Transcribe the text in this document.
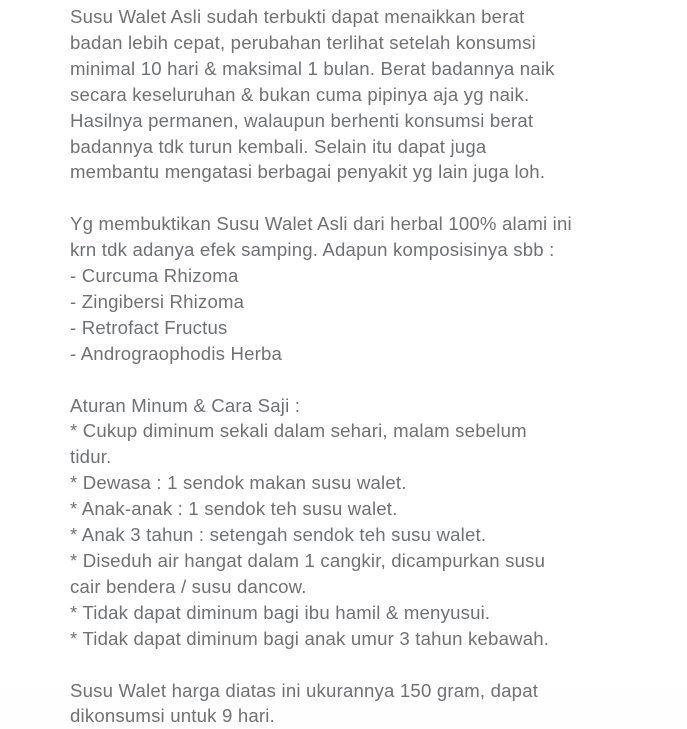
Susu Walet Asli sudah terbukti dapat menaikkan berat

badan lebih cepat, perubahan terlihat setelah konsumsi

minimal 10 hari & maksimal 1 bulan. Berat badannya naik

secara keseluruhan & bukan cuma pipinya aja yg naik.

Hasilnya permanen, walaupun berhenti konsumsi berat

badannya tdk turun kembali. Selain itu dapat juga

membantu mengatasi berbagai penyakit yg lain juga loh.

Yg membuktikan Susu Walet Asli dari herbal 100% alami ini

krn tdk adanya efek samping. Adapun komposisinya sbb :

- Curcuma Rhizoma

- Zingibersi Rhizoma

- Retrofact Fructus

- Andrograophodis Herba

Aturan Minum & Cara Saji :

* Cukup diminum sekali dalam sehari, malam sebelum

tidur.

* Dewasa : 1 sendok makan susu walet.

* Anak-anak : 1 sendok teh susu walet.

* Anak 3 tahun : setengah sendok teh susu walet.

* Diseduh air hangat dalam 1 cangkir, dicampurkan susu

cair bendera / susu dancow.

* Tidak dapat diminum bagi ibu hamil & menyusui.

* Tidak dapat diminum bagi anak umur 3 tahun kebawah.

Susu Walet harga diatas ini ukurannya 150 gram, dapat

dikonsumsi untuk 9 hari.
